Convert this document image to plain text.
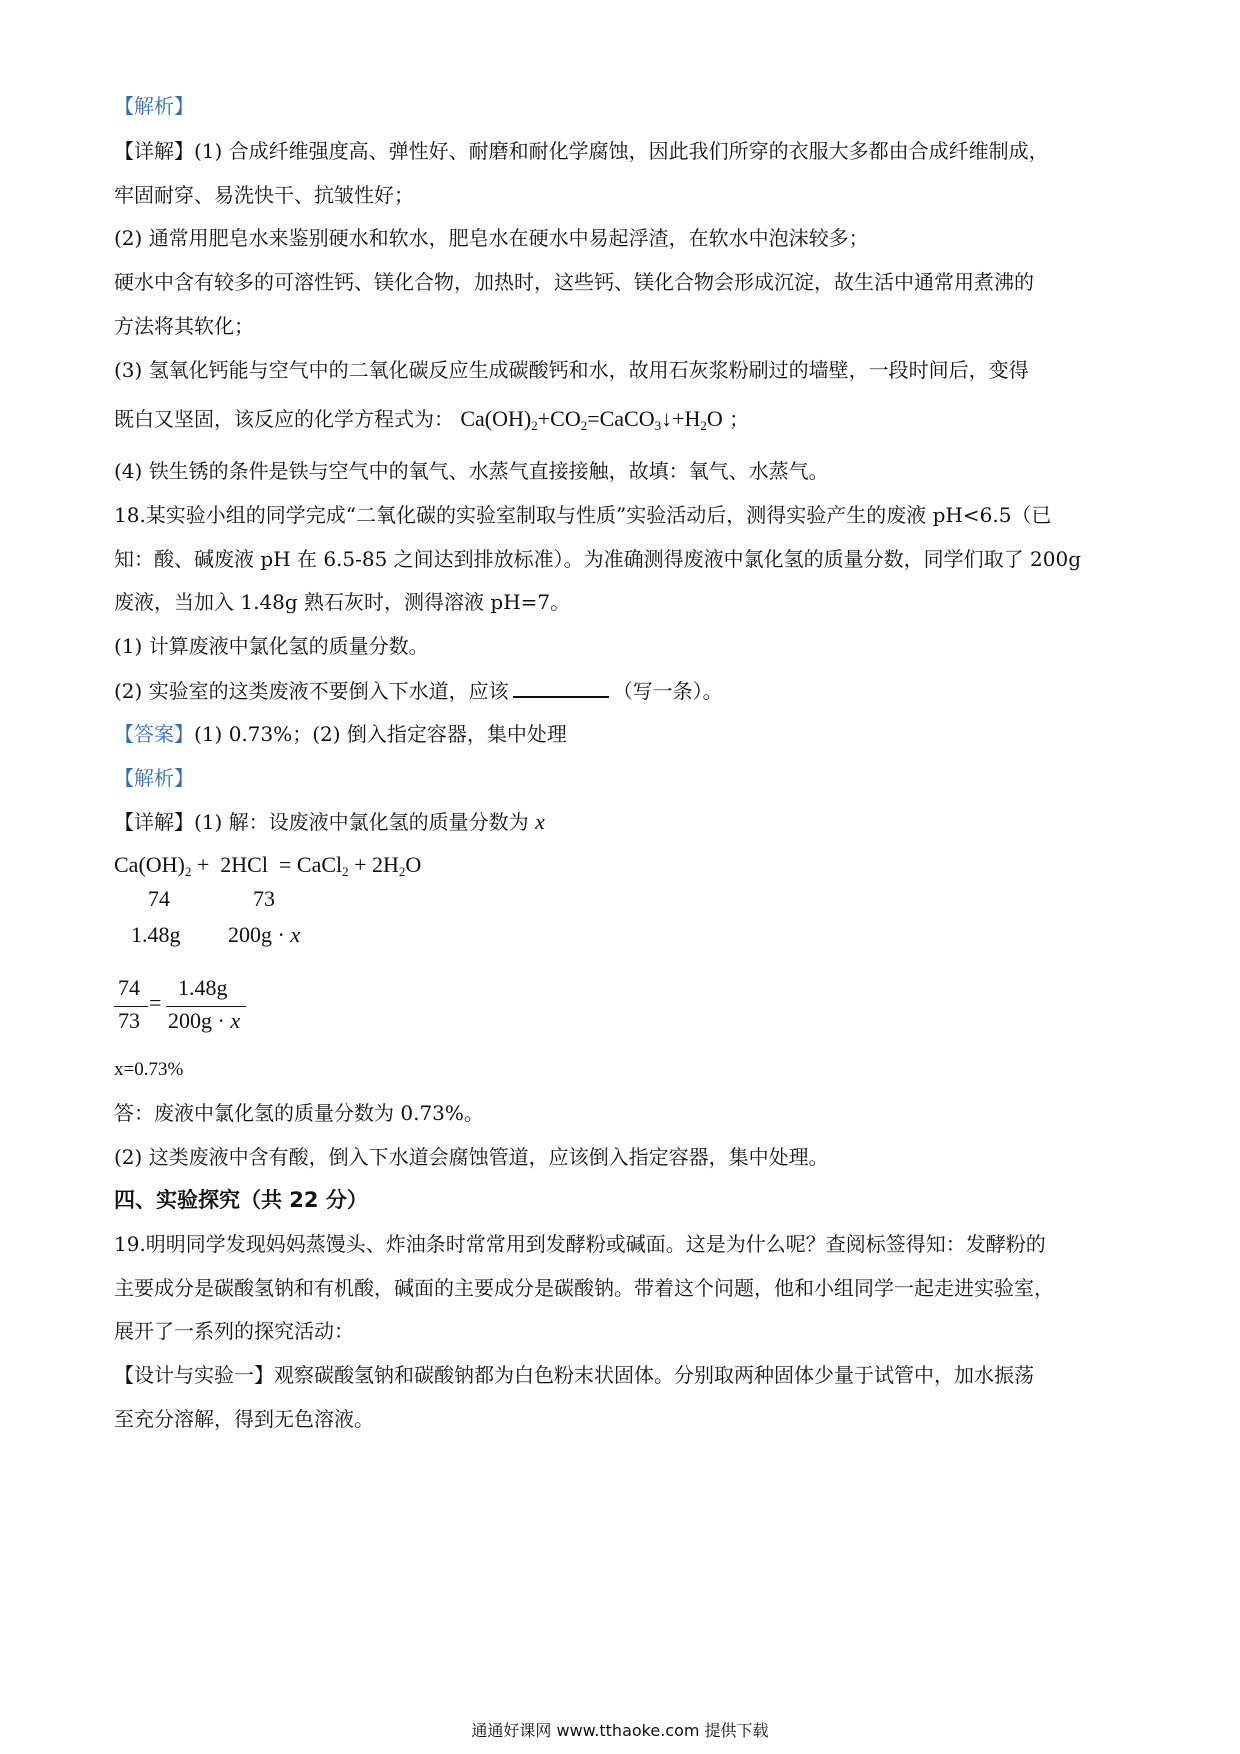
【解析】
【详解】(1) 合成纤维强度高、弹性好、耐磨和耐化学腐蚀，因此我们所穿的衣服大多都由合成纤维制成，
牢固耐穿、易洗快干、抗皱性好；
(2) 通常用肥皂水来鉴别硬水和软水，肥皂水在硬水中易起浮渣，在软水中泡沫较多；
硬水中含有较多的可溶性钙、镁化合物，加热时，这些钙、镁化合物会形成沉淀，故生活中通常用煮沸的
方法将其软化；
(3) 氢氧化钙能与空气中的二氧化碳反应生成碳酸钙和水，故用石灰浆粉刷过的墙壁，一段时间后，变得
既白又坚固，该反应的化学方程式为： $Ca(OH)_2+CO_2=CaCO_3↓+H_2O$ ；
(4) 铁生锈的条件是铁与空气中的氧气、水蒸气直接接触，故填：氧气、水蒸气。
18.某实验小组的同学完成“二氧化碳的实验室制取与性质”实验活动后，测得实验产生的废液 pH<6.5（已
知：酸、碱废液 pH 在 6.5-85 之间达到排放标准）。为准确测得废液中氯化氢的质量分数，同学们取了 200g
废液，当加入 1.48g 熟石灰时，测得溶液 pH=7。
(1) 计算废液中氯化氢的质量分数。
(2) 实验室的这类废液不要倒入下水道，应该	（写一条）。
【答案】(1) 0.73%；(2) 倒入指定容器，集中处理
【解析】
【详解】(1) 解：设废液中氯化氢的质量分数为 x
$Ca(OH)_2 + 2HCl$ = CaCl$_2$ + $2H_2O$
74	73
1.48g 200g · x
74
73
=
1.48g
200g · x
x=0.73%
答：废液中氯化氢的质量分数为 0.73%。
(2) 这类废液中含有酸，倒入下水道会腐蚀管道，应该倒入指定容器，集中处理。
四、实验探究（共 22 分）
19.明明同学发现妈妈蒸馒头、炸油条时常常用到发酵粉或碱面。这是为什么呢？查阅标签得知：发酵粉的
主要成分是碳酸氢钠和有机酸，碱面的主要成分是碳酸钠。带着这个问题，他和小组同学一起走进实验室，
展开了一系列的探究活动：
【设计与实验一】观察碳酸氢钠和碳酸钠都为白色粉末状固体。分别取两种固体少量于试管中，加水振荡
至充分溶解，得到无色溶液。
通通好课网 www.tthaoke.com 提供下载
